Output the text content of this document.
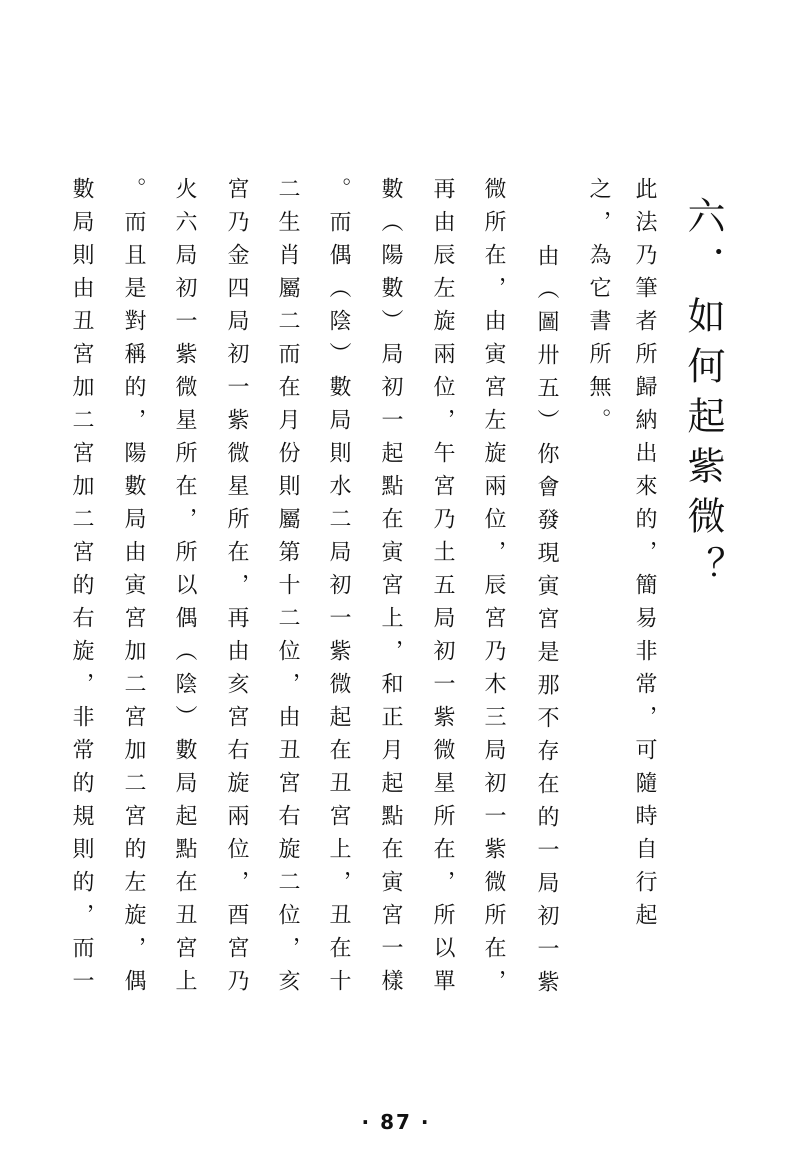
六．如何起紫微？
此法乃筆者所歸納出來的，簡易非常，可隨時自行起
之，為它書所無。
由（圖卅五）你會發現寅宮是那不存在的一局初一紫
微所在，由寅宮左旋兩位，辰宮乃木三局初一紫微所在，
再由辰左旋兩位，午宮乃土五局初一紫微星所在，所以單
數（陽數）局初一起點在寅宮上，和正月起點在寅宮一樣
。而偶（陰）數局則水二局初一紫微起在丑宮上，丑在十
二生肖屬二而在月份則屬第十二位，由丑宮右旋二位，亥
宮乃金四局初一紫微星所在，再由亥宮右旋兩位，酉宮乃
火六局初一紫微星所在，所以偶（陰）數局起點在丑宮上
。而且是對稱的，陽數局由寅宮加二宮加二宮的左旋，偶
數局則由丑宮加二宮加二宮的右旋，非常的規則的，而一
· 87 ·
